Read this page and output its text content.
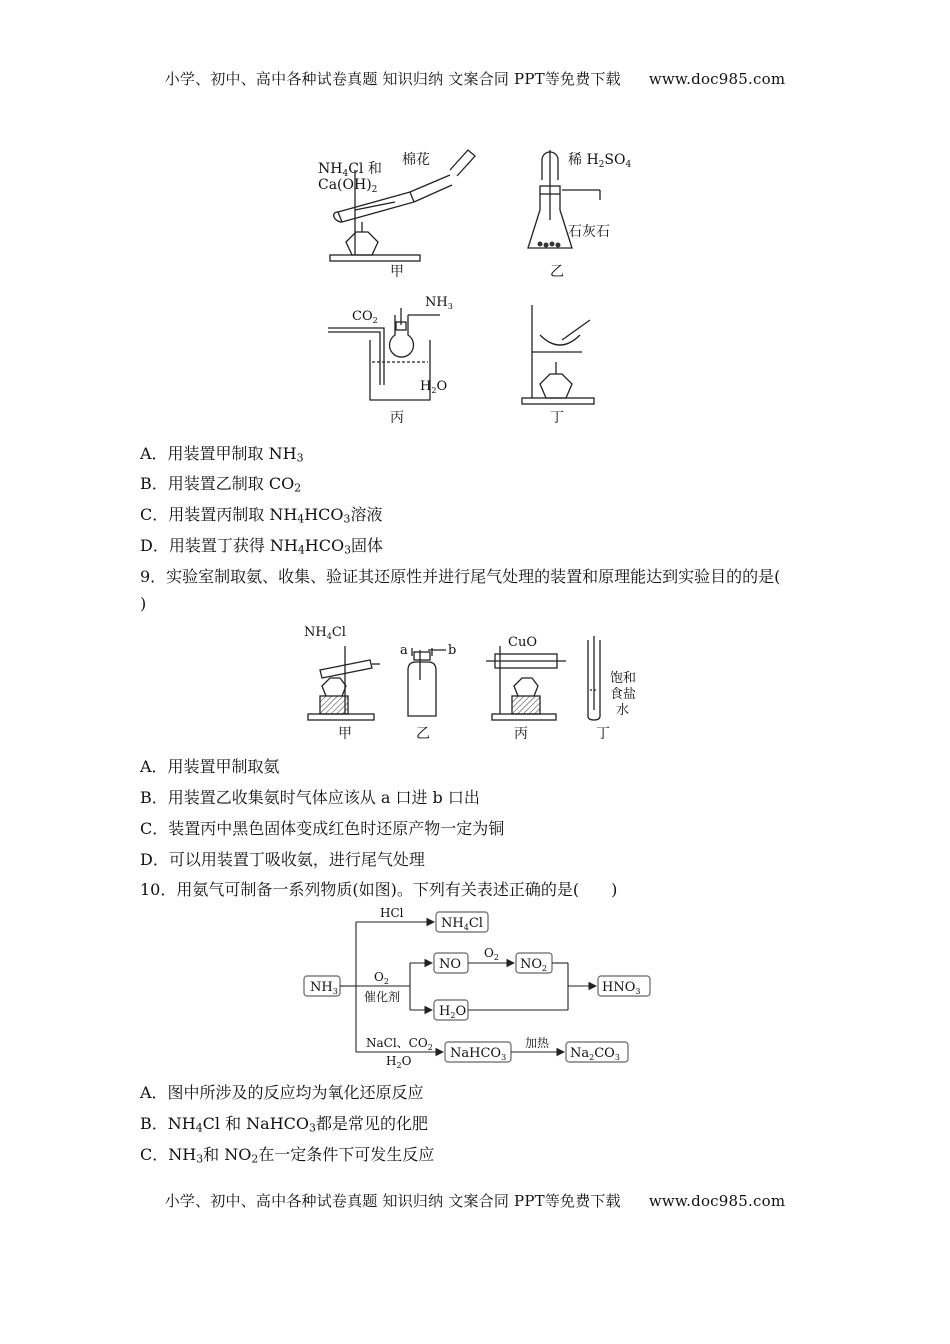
小学、初中、高中各种试卷真题 知识归纳 文案合同 PPT等免费下载 www.doc985.com
$NH_4Cl$ 和
$Ca(OH)_2$
棉花
甲
稀 $H_2SO_4$
石灰石
乙
$CO_2$
$NH_3$
$H_2O$
丙	丁
A．用装置甲制取 $NH_3$
B．用装置乙制取 $CO_2$
C．用装置丙制取 $NH_4HCO_3$溶液
D．用装置丁获得 $NH_4HCO_3$固体
9．实验室制取氨、收集、验证其还原性并进行尾气处理的装置和原理能达到实验目的的是(
)
$NH_4Cl$
a	b
CuO
饱和
食盐
水
甲	乙	丙	丁
A．用装置甲制取氨
B．用装置乙收集氨时气体应该从 a 口进 b 口出
C．装置丙中黑色固体变成红色时还原产物一定为铜
D．可以用装置丁吸收氨，进行尾气处理
10．用氨气可制备一系列物质(如图)。下列有关表述正确的是(　　)
$NH_3$
HCl
$NH_4Cl$
NO
$O_2$ $NO_2$
$O_2$
催化剂
$H_2O$
$HNO_3$
NaCl、$CO_2$
$H_2O$	NaHCO$_3$
加热
$Na_2CO_3$
A．图中所涉及的反应均为氧化还原反应
B．$NH_4Cl$ 和 NaHCO$_3$都是常见的化肥
C．$NH_3$和 $NO_2$在一定条件下可发生反应
小学、初中、高中各种试卷真题 知识归纳 文案合同 PPT等免费下载 www.doc985.com
